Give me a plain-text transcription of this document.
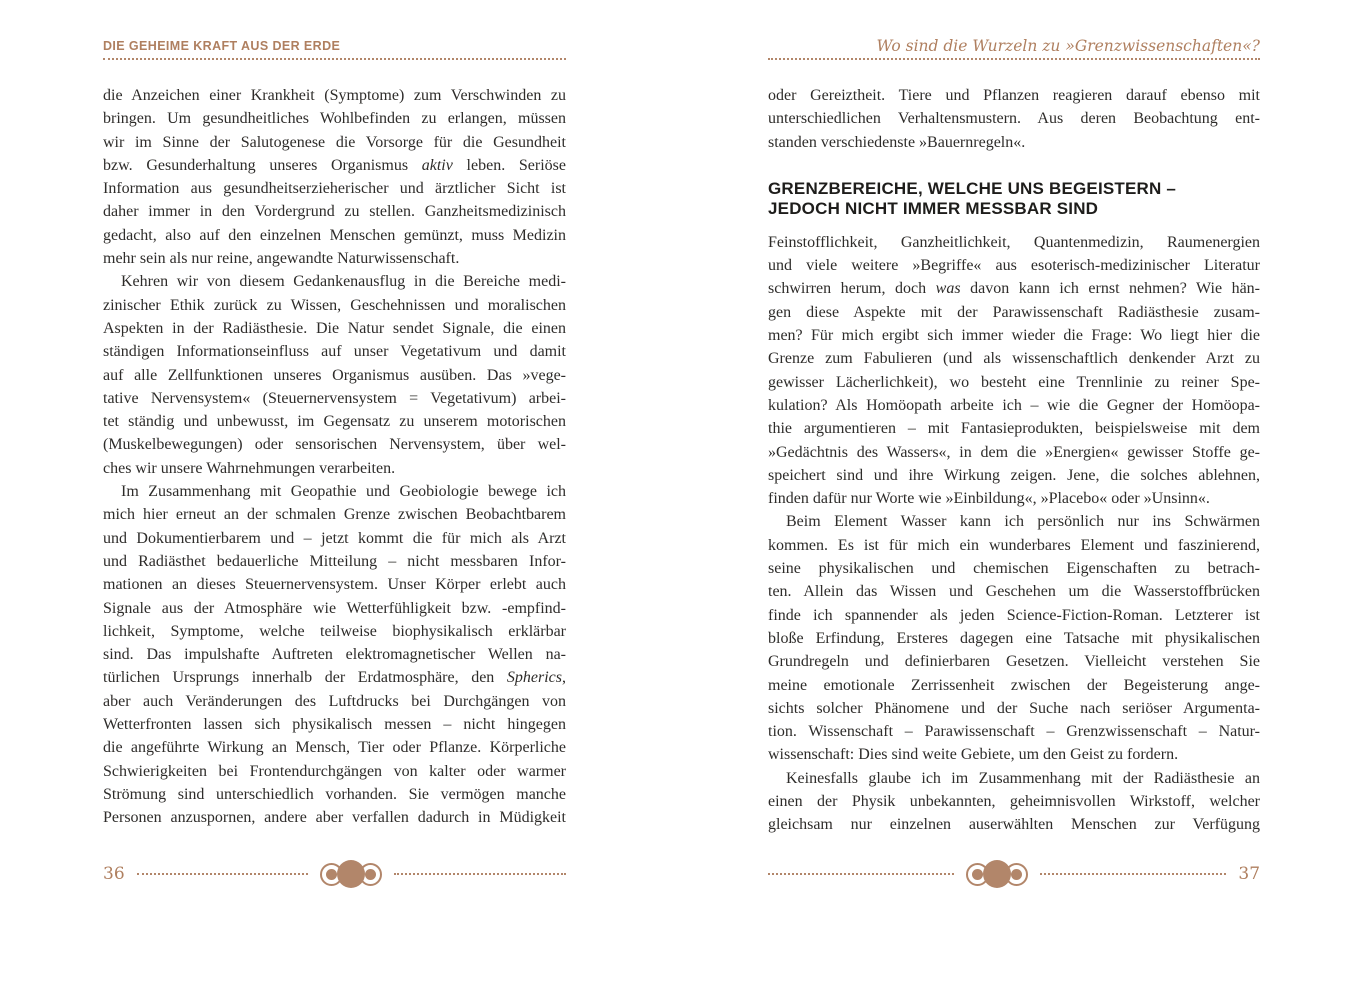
DIE GEHEIME KRAFT AUS DER ERDE	Wo sind die Wurzeln zu »Grenzwissenschaften«?
die Anzeichen einer Krankheit (Symptome) zum Verschwinden zu
bringen. Um gesundheitliches Wohlbefinden zu erlangen, müssen
wir im Sinne der Salutogenese die Vorsorge für die Gesundheit
bzw. Gesunderhaltung unseres Organismus aktiv leben. Seriöse
Information aus gesundheitserzieherischer und ärztlicher Sicht ist
daher immer in den Vordergrund zu stellen. Ganzheitsmedizinisch
gedacht, also auf den einzelnen Menschen gemünzt, muss Medizin
mehr sein als nur reine, angewandte Naturwissenschaft.
Kehren wir von diesem Gedankenausflug in die Bereiche medi-
zinischer Ethik zurück zu Wissen, Geschehnissen und moralischen
Aspekten in der Radiästhesie. Die Natur sendet Signale, die einen
ständigen Informationseinfluss auf unser Vegetativum und damit
auf alle Zellfunktionen unseres Organismus ausüben. Das »vege-
tative Nervensystem« (Steuernervensystem = Vegetativum) arbei-
tet ständig und unbewusst, im Gegensatz zu unserem motorischen
(Muskelbewegungen) oder sensorischen Nervensystem, über wel-
ches wir unsere Wahrnehmungen verarbeiten.
Im Zusammenhang mit Geopathie und Geobiologie bewege ich
mich hier erneut an der schmalen Grenze zwischen Beobachtbarem
und Dokumentierbarem und – jetzt kommt die für mich als Arzt
und Radiästhet bedauerliche Mitteilung – nicht messbaren Infor-
mationen an dieses Steuernervensystem. Unser Körper erlebt auch
Signale aus der Atmosphäre wie Wetterfühligkeit bzw. -empfind-
lichkeit, Symptome, welche teilweise biophysikalisch erklärbar
sind. Das impulshafte Auftreten elektromagnetischer Wellen na-
türlichen Ursprungs innerhalb der Erdatmosphäre, den Spherics,
aber auch Veränderungen des Luftdrucks bei Durchgängen von
Wetterfronten lassen sich physikalisch messen – nicht hingegen
die angeführte Wirkung an Mensch, Tier oder Pflanze. Körperliche
Schwierigkeiten bei Frontendurchgängen von kalter oder warmer
Strömung sind unterschiedlich vorhanden. Sie vermögen manche
Personen anzuspornen, andere aber verfallen dadurch in Müdigkeit
oder Gereiztheit. Tiere und Pflanzen reagieren darauf ebenso mit
unterschiedlichen Verhaltensmustern. Aus deren Beobachtung ent-
standen verschiedenste »Bauernregeln«.
GRENZBEREICHE, WELCHE UNS BEGEISTERN –
JEDOCH NICHT IMMER MESSBAR SIND
Feinstofflichkeit, Ganzheitlichkeit, Quantenmedizin, Raumenergien
und viele weitere »Begriffe« aus esoterisch-medizinischer Literatur
schwirren herum, doch was davon kann ich ernst nehmen? Wie hän-
gen diese Aspekte mit der Parawissenschaft Radiästhesie zusam-
men? Für mich ergibt sich immer wieder die Frage: Wo liegt hier die
Grenze zum Fabulieren (und als wissenschaftlich denkender Arzt zu
gewisser Lächerlichkeit), wo besteht eine Trennlinie zu reiner Spe-
kulation? Als Homöopath arbeite ich – wie die Gegner der Homöopa-
thie argumentieren – mit Fantasieprodukten, beispielsweise mit dem
»Gedächtnis des Wassers«, in dem die »Energien« gewisser Stoffe ge-
speichert sind und ihre Wirkung zeigen. Jene, die solches ablehnen,
finden dafür nur Worte wie »Einbildung«, »Placebo« oder »Unsinn«.
Beim Element Wasser kann ich persönlich nur ins Schwärmen
kommen. Es ist für mich ein wunderbares Element und faszinierend,
seine physikalischen und chemischen Eigenschaften zu betrach-
ten. Allein das Wissen und Geschehen um die Wasserstoffbrücken
finde ich spannender als jeden Science-Fiction-Roman. Letzterer ist
bloße Erfindung, Ersteres dagegen eine Tatsache mit physikalischen
Grundregeln und definierbaren Gesetzen. Vielleicht verstehen Sie
meine emotionale Zerrissenheit zwischen der Begeisterung ange-
sichts solcher Phänomene und der Suche nach seriöser Argumenta-
tion. Wissenschaft – Parawissenschaft – Grenzwissenschaft – Natur-
wissenschaft: Dies sind weite Gebiete, um den Geist zu fordern.
Keinesfalls glaube ich im Zusammenhang mit der Radiästhesie an
einen der Physik unbekannten, geheimnisvollen Wirkstoff, welcher
gleichsam nur einzelnen auserwählten Menschen zur Verfügung
36	37
